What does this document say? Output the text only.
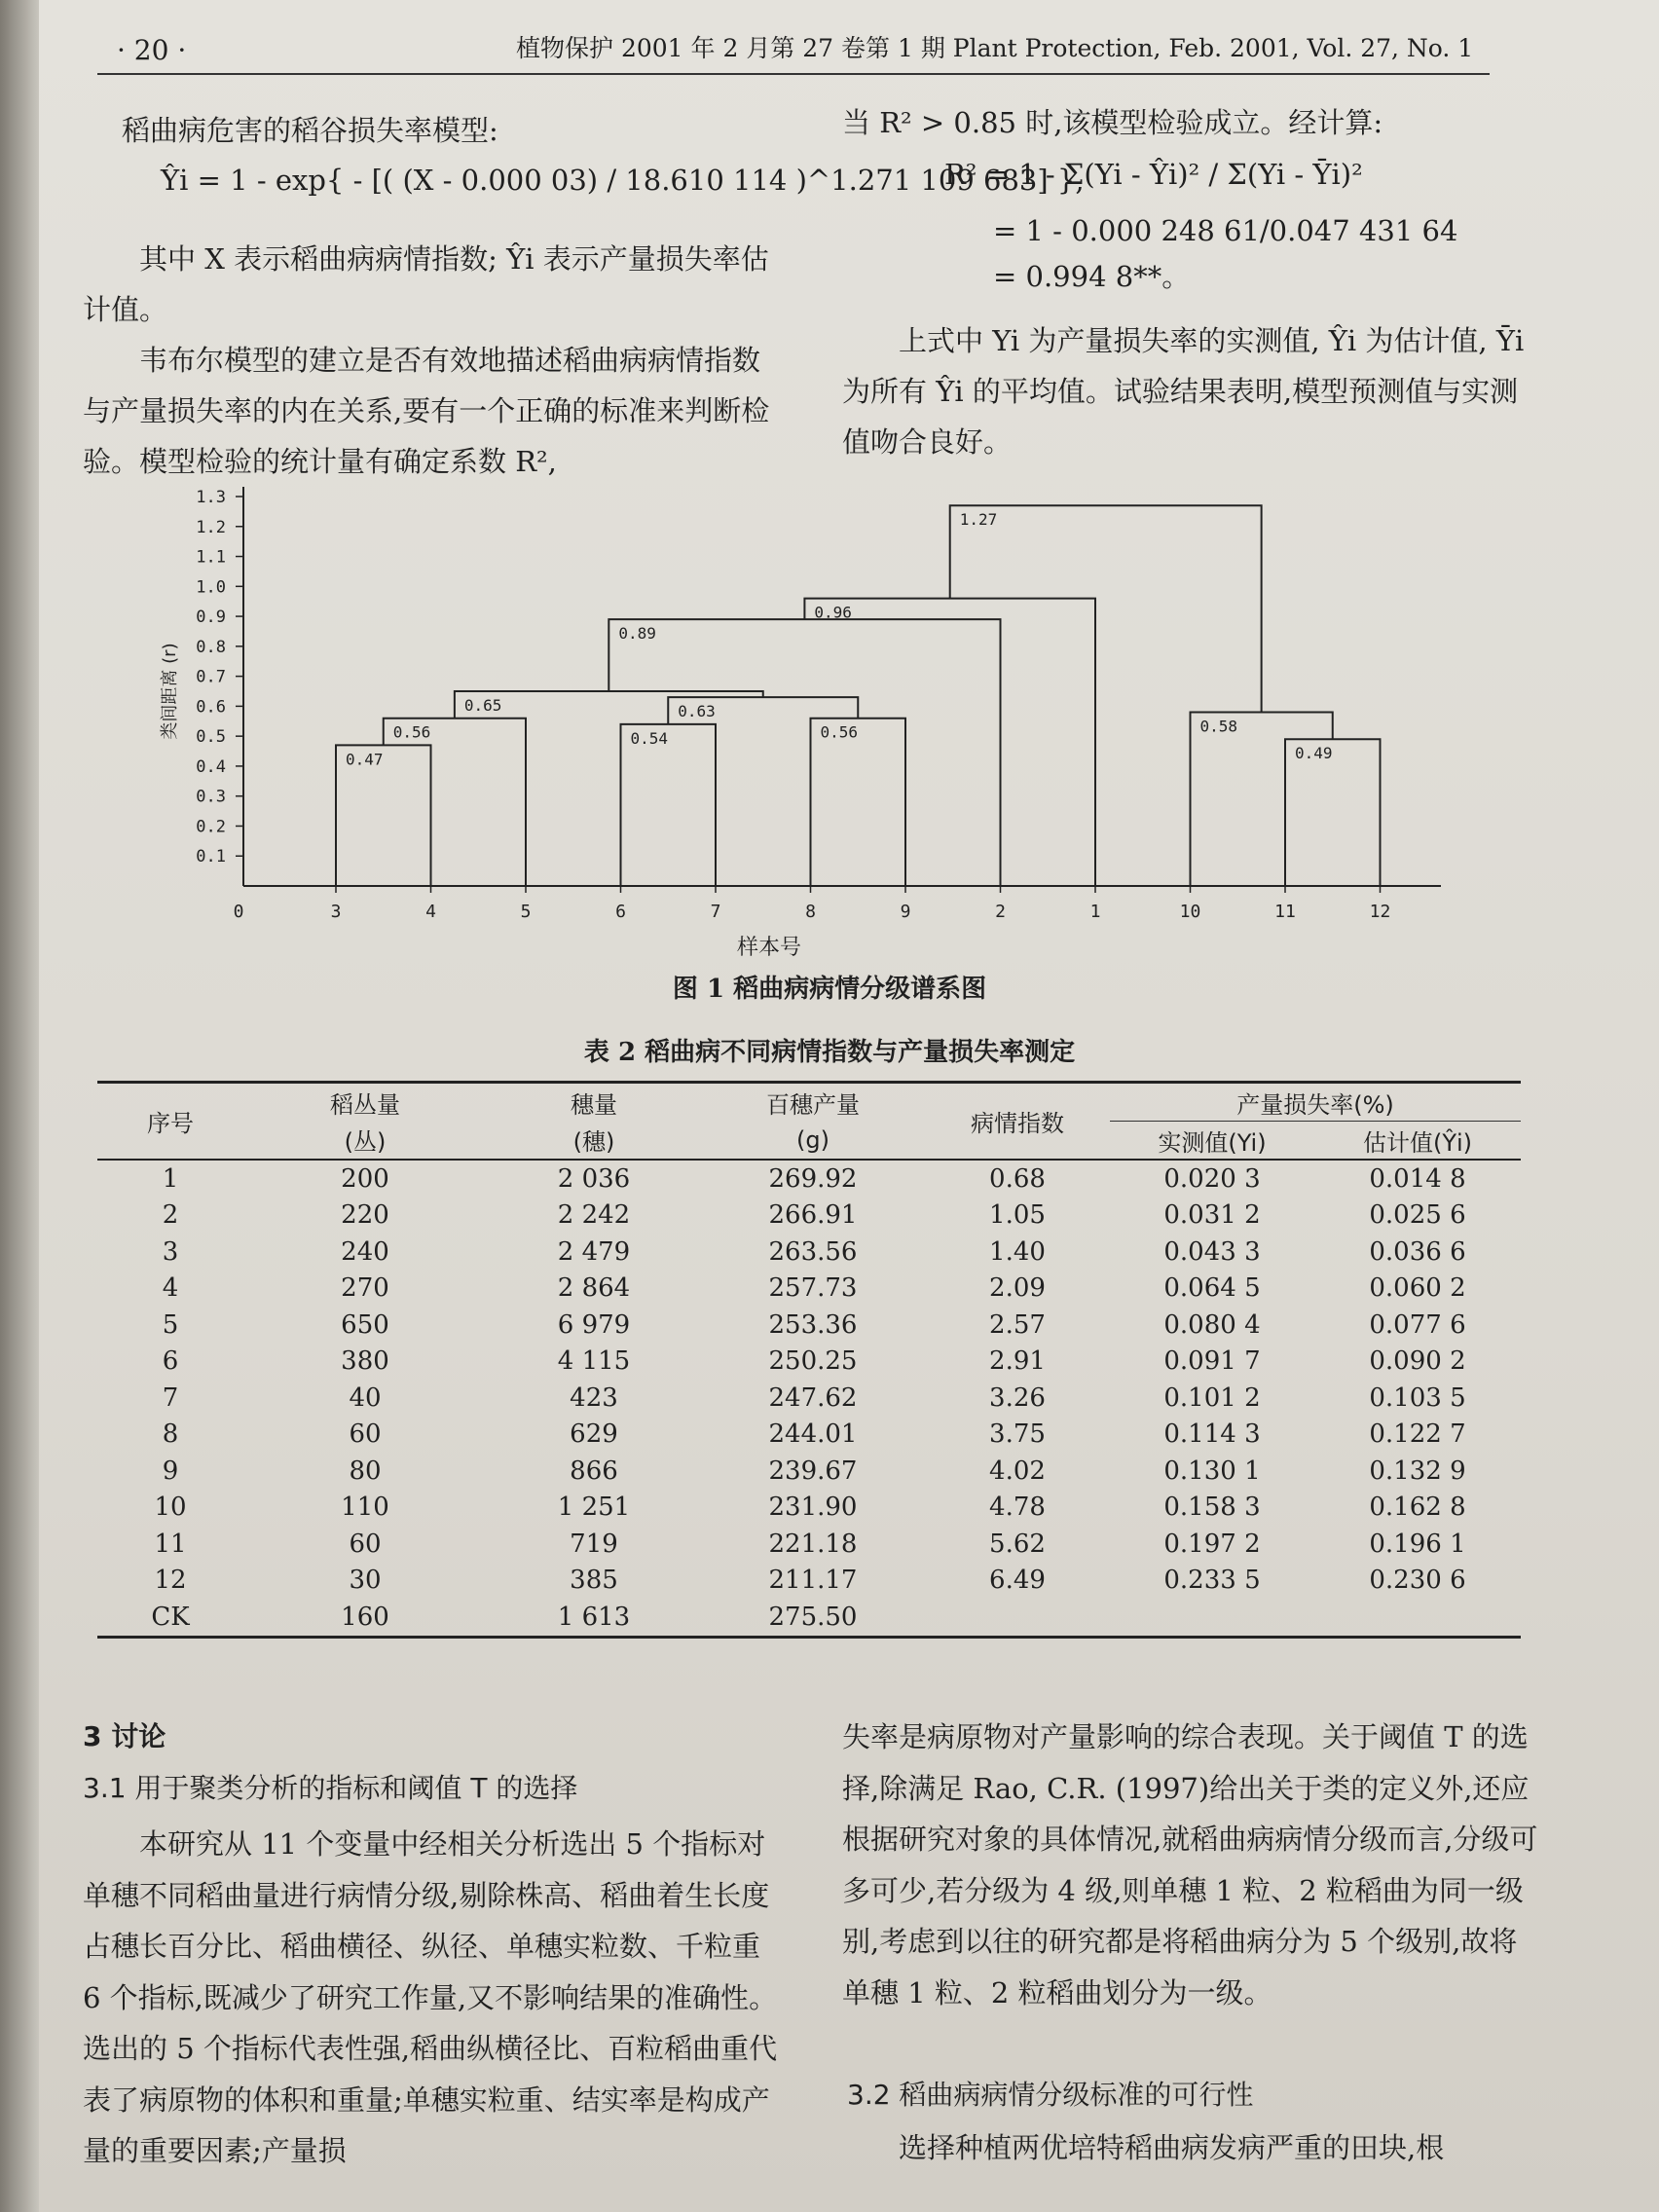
· 20 ·	植物保护 2001 年 2 月第 27 卷第 1 期 Plant Protection, Feb. 2001, Vol. 27, No. 1

稻曲病危害的稻谷损失率模型:

Ŷi = 1 - exp{ - [( (X - 0.000 03) / 18.610 114 )^1.271 109 683] },

其中 X 表示稻曲病病情指数; Ŷi 表示产量损失率估计值。

韦布尔模型的建立是否有效地描述稻曲病病情指数与产量损失率的内在关系,要有一个正确的标准来判断检验。模型检验的统计量有确定系数 R²,

当 R² > 0.85 时,该模型检验成立。经计算:

R² = 1 - Σ(Yi - Ŷi)² / Σ(Yi - Ȳi)²
= 1 - 0.000 248 61/0.047 431 64
= 0.994 8**。

上式中 Yi 为产量损失率的实测值, Ŷi 为估计值, Ȳi 为所有 Ŷi 的平均值。试验结果表明,模型预测值与实测值吻合良好。

0.1
0.2
0.3
0.4
0.5
0.6
0.7
0.8
0.9
1.0
1.1
1.2
1.3
类间距离 (r)
0	3	4	5	6	7	8	9	2	1	10	11	12
0.47
0.56	0.54	0.56
0.63
0.65
0.89
0.96
0.49
0.58
1.27
样本号
图 1 稻曲病病情分级谱系图
表 2 稻曲病不同病情指数与产量损失率测定

序号	稻丛量	穗量	百穗产量	病情指数	产量损失率(%)	
	(丛)	(穗)	(g)		实测值(Yi)	估计值(Ŷi)

1	200	2 036	269.92	0.68	0.020 3	0.014 8
2	220	2 242	266.91	1.05	0.031 2	0.025 6
3	240	2 479	263.56	1.40	0.043 3	0.036 6
4	270	2 864	257.73	2.09	0.064 5	0.060 2
5	650	6 979	253.36	2.57	0.080 4	0.077 6
6	380	4 115	250.25	2.91	0.091 7	0.090 2
7	40	423	247.62	3.26	0.101 2	0.103 5
8	60	629	244.01	3.75	0.114 3	0.122 7
9	80	866	239.67	4.02	0.130 1	0.132 9
10	110	1 251	231.90	4.78	0.158 3	0.162 8
11	60	719	221.18	5.62	0.197 2	0.196 1
12	30	385	211.17	6.49	0.233 5	0.230 6
CK	160	1 613	275.50			

3 讨论
3.1 用于聚类分析的指标和阈值 T 的选择

本研究从 11 个变量中经相关分析选出 5 个指标对单穗不同稻曲量进行病情分级,剔除株高、稻曲着生长度占穗长百分比、稻曲横径、纵径、单穗实粒数、千粒重 6 个指标,既减少了研究工作量,又不影响结果的准确性。选出的 5 个指标代表性强,稻曲纵横径比、百粒稻曲重代表了病原物的体积和重量;单穗实粒重、结实率是构成产量的重要因素;产量损

失率是病原物对产量影响的综合表现。关于阈值 T 的选择,除满足 Rao, C.R. (1997)给出关于类的定义外,还应根据研究对象的具体情况,就稻曲病病情分级而言,分级可多可少,若分级为 4 级,则单穗 1 粒、2 粒稻曲为同一级别,考虑到以往的研究都是将稻曲病分为 5 个级别,故将单穗 1 粒、2 粒稻曲划分为一级。

3.2 稻曲病病情分级标准的可行性

选择种植两优培特稻曲病发病严重的田块,根
